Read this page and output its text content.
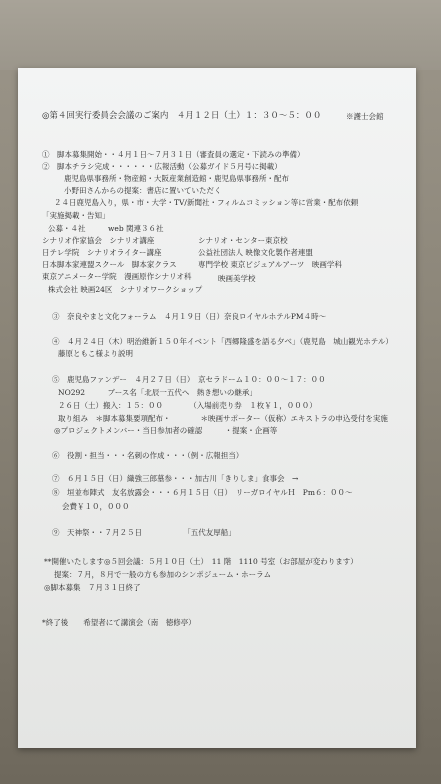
◎第４回実行委員会会議のご案内　４月１２日（土）１：３０～５：００	※護士会館
①　脚本募集開始・・４月１日～７月３１日（審査員の選定・下読みの準備）
②　脚本チラシ完成・・・・・・広報活動（公募ガイド５月号に掲載）
鹿児島県事務所・物産館・大阪産業創造館・鹿児島県事務所・配布
小野田さんからの提案：書店に置いていただく
２４日鹿児島入り，県・市・大学・TV/新聞社・フィルムコミッション等に営業・配布依頼
「実施掲載・告知」
公募・４社　　　web 関連３６社
シナリオ作家協会　シナリオ講座	シナリオ・センター東京校
日テレ学院　シナリオライター講座	公益社団法人 映像文化製作者連盟
日本脚本家連盟スクール　脚本家クラス	専門学校 東京ビジュアルアーツ　映画学科
東京アニメーター学院　漫画原作シナリオ科	映画美学校
株式会社 映画24区　シナリオワークショップ
③　奈良やまと文化フォーラム　４月１９日（日）奈良ロイヤルホテルPM４時～
④　４月２４日（木）明治維新１５０年イベント「西郷隆盛を語る夕べ」（鹿児島　城山観光ホテル）
藤原ともこ様より説明
⑤　鹿児島ファンデー　４月２７日（日）　京セラドーム１０：００～１７：００
NO292　　　ブース名「北辰一五代へ　熱き想いの継承」
２６日（土）搬入：１５：００　　　　（入場前売り券　１枚￥１，０００）
取り組み　＊脚本募集要項配布・　　　　＊映画サポーター（仮称）エキストラの申込受付を実施
◎プロジェクトメンバー・当日参加者の確認　　　・提案・企画等
⑥　役割・担当・・・名刺の作成・・・（例・広報担当）
⑦　６月１５日（日）織強三郎墓参・・・加古川「きりしま」食事会　→
⑧　垣並布陣式　友名放露会・・・６月１５日（日）　リーガロイヤルＨ　Pm６：００～
会費￥１０，０００
⑨　天神祭・・７月２５日　　　　　　「五代友厚船」
**開催いたします◎５回会議：５月１０日（土）　11 階　1110 号室（お部屋が変わります）
提案：７月，８月で一般の方も参加のシンポジューム・ホーラム
◎脚本募集　７月３１日終了
*終了後　　希望者にて講演会（南　徳修亭）
